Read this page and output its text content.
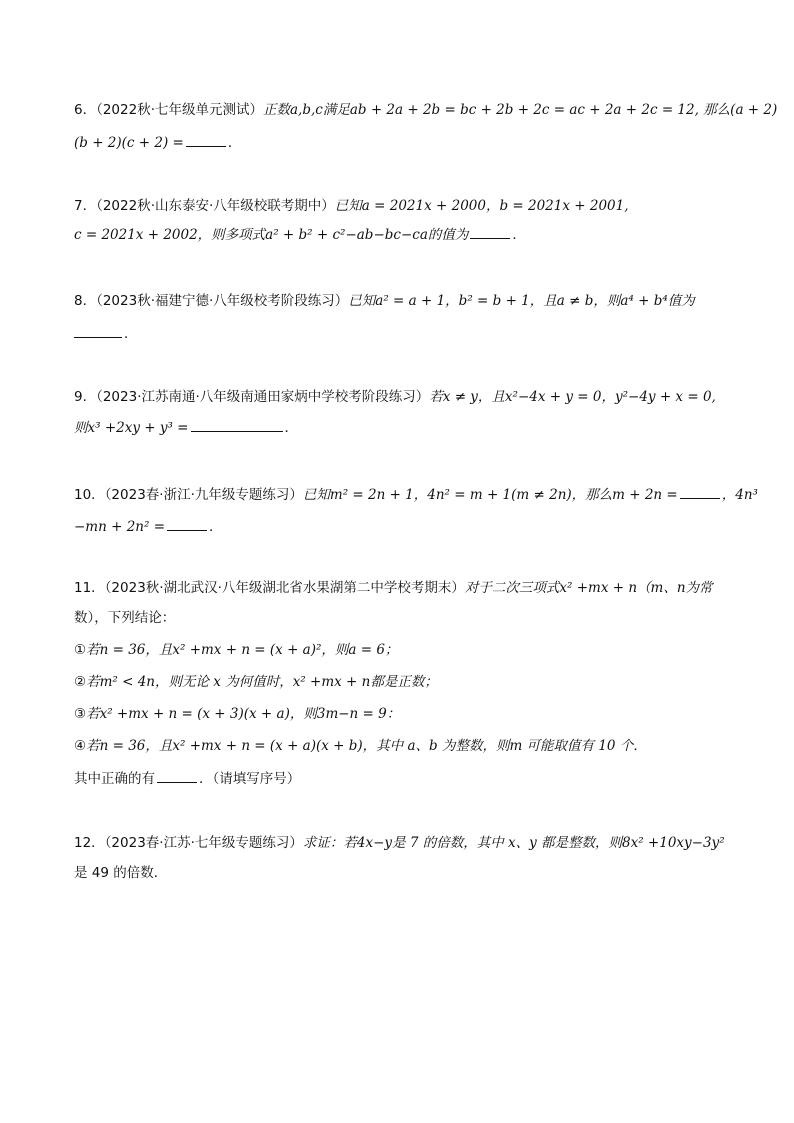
6．（2022秋·七年级单元测试）正数a,b,c满足ab + 2a + 2b = bc + 2b + 2c = ac + 2a + 2c = 12, 那么(a + 2)
(b + 2)(c + 2) =	．
7．（2022秋·山东泰安·八年级校联考期中）已知a = 2021x + 2000，b = 2021x + 2001,
c = 2021x + 2002，则多项式a² + b² + c²−ab−bc−ca的值为	．
8．（2023秋·福建宁德·八年级校考阶段练习）已知a² = a + 1，b² = b + 1，且a ≠ b，则a⁴ + b⁴值为
．
9．（2023·江苏南通·八年级南通田家炳中学校考阶段练习）若x ≠ y，且x²−4x + y = 0，y²−4y + x = 0,
则x³ +2xy + y³ =	．
10．（2023春·浙江·九年级专题练习）已知m² = 2n + 1，4n² = m + 1(m ≠ 2n)，那么m + 2n =	，4n³
−mn + 2n² =	．
11．（2023秋·湖北武汉·八年级湖北省水果湖第二中学校考期末）对于二次三项式x² +mx + n（m、n为常
数），下列结论：
①若n = 36，且x² +mx + n = (x + a)²，则a = 6；
②若m² < 4n，则无论 x 为何值时，x² +mx + n都是正数；
③若x² +mx + n = (x + 3)(x + a)，则3m−n = 9：
④若n = 36，且x² +mx + n = (x + a)(x + b)，其中 a、b 为整数，则m 可能取值有 10 个．
其中正确的有	．（请填写序号）
12．（2023春·江苏·七年级专题练习）求证：若4x−y是 7 的倍数，其中 x、y 都是整数，则8x² +10xy−3y²
是 49 的倍数．
